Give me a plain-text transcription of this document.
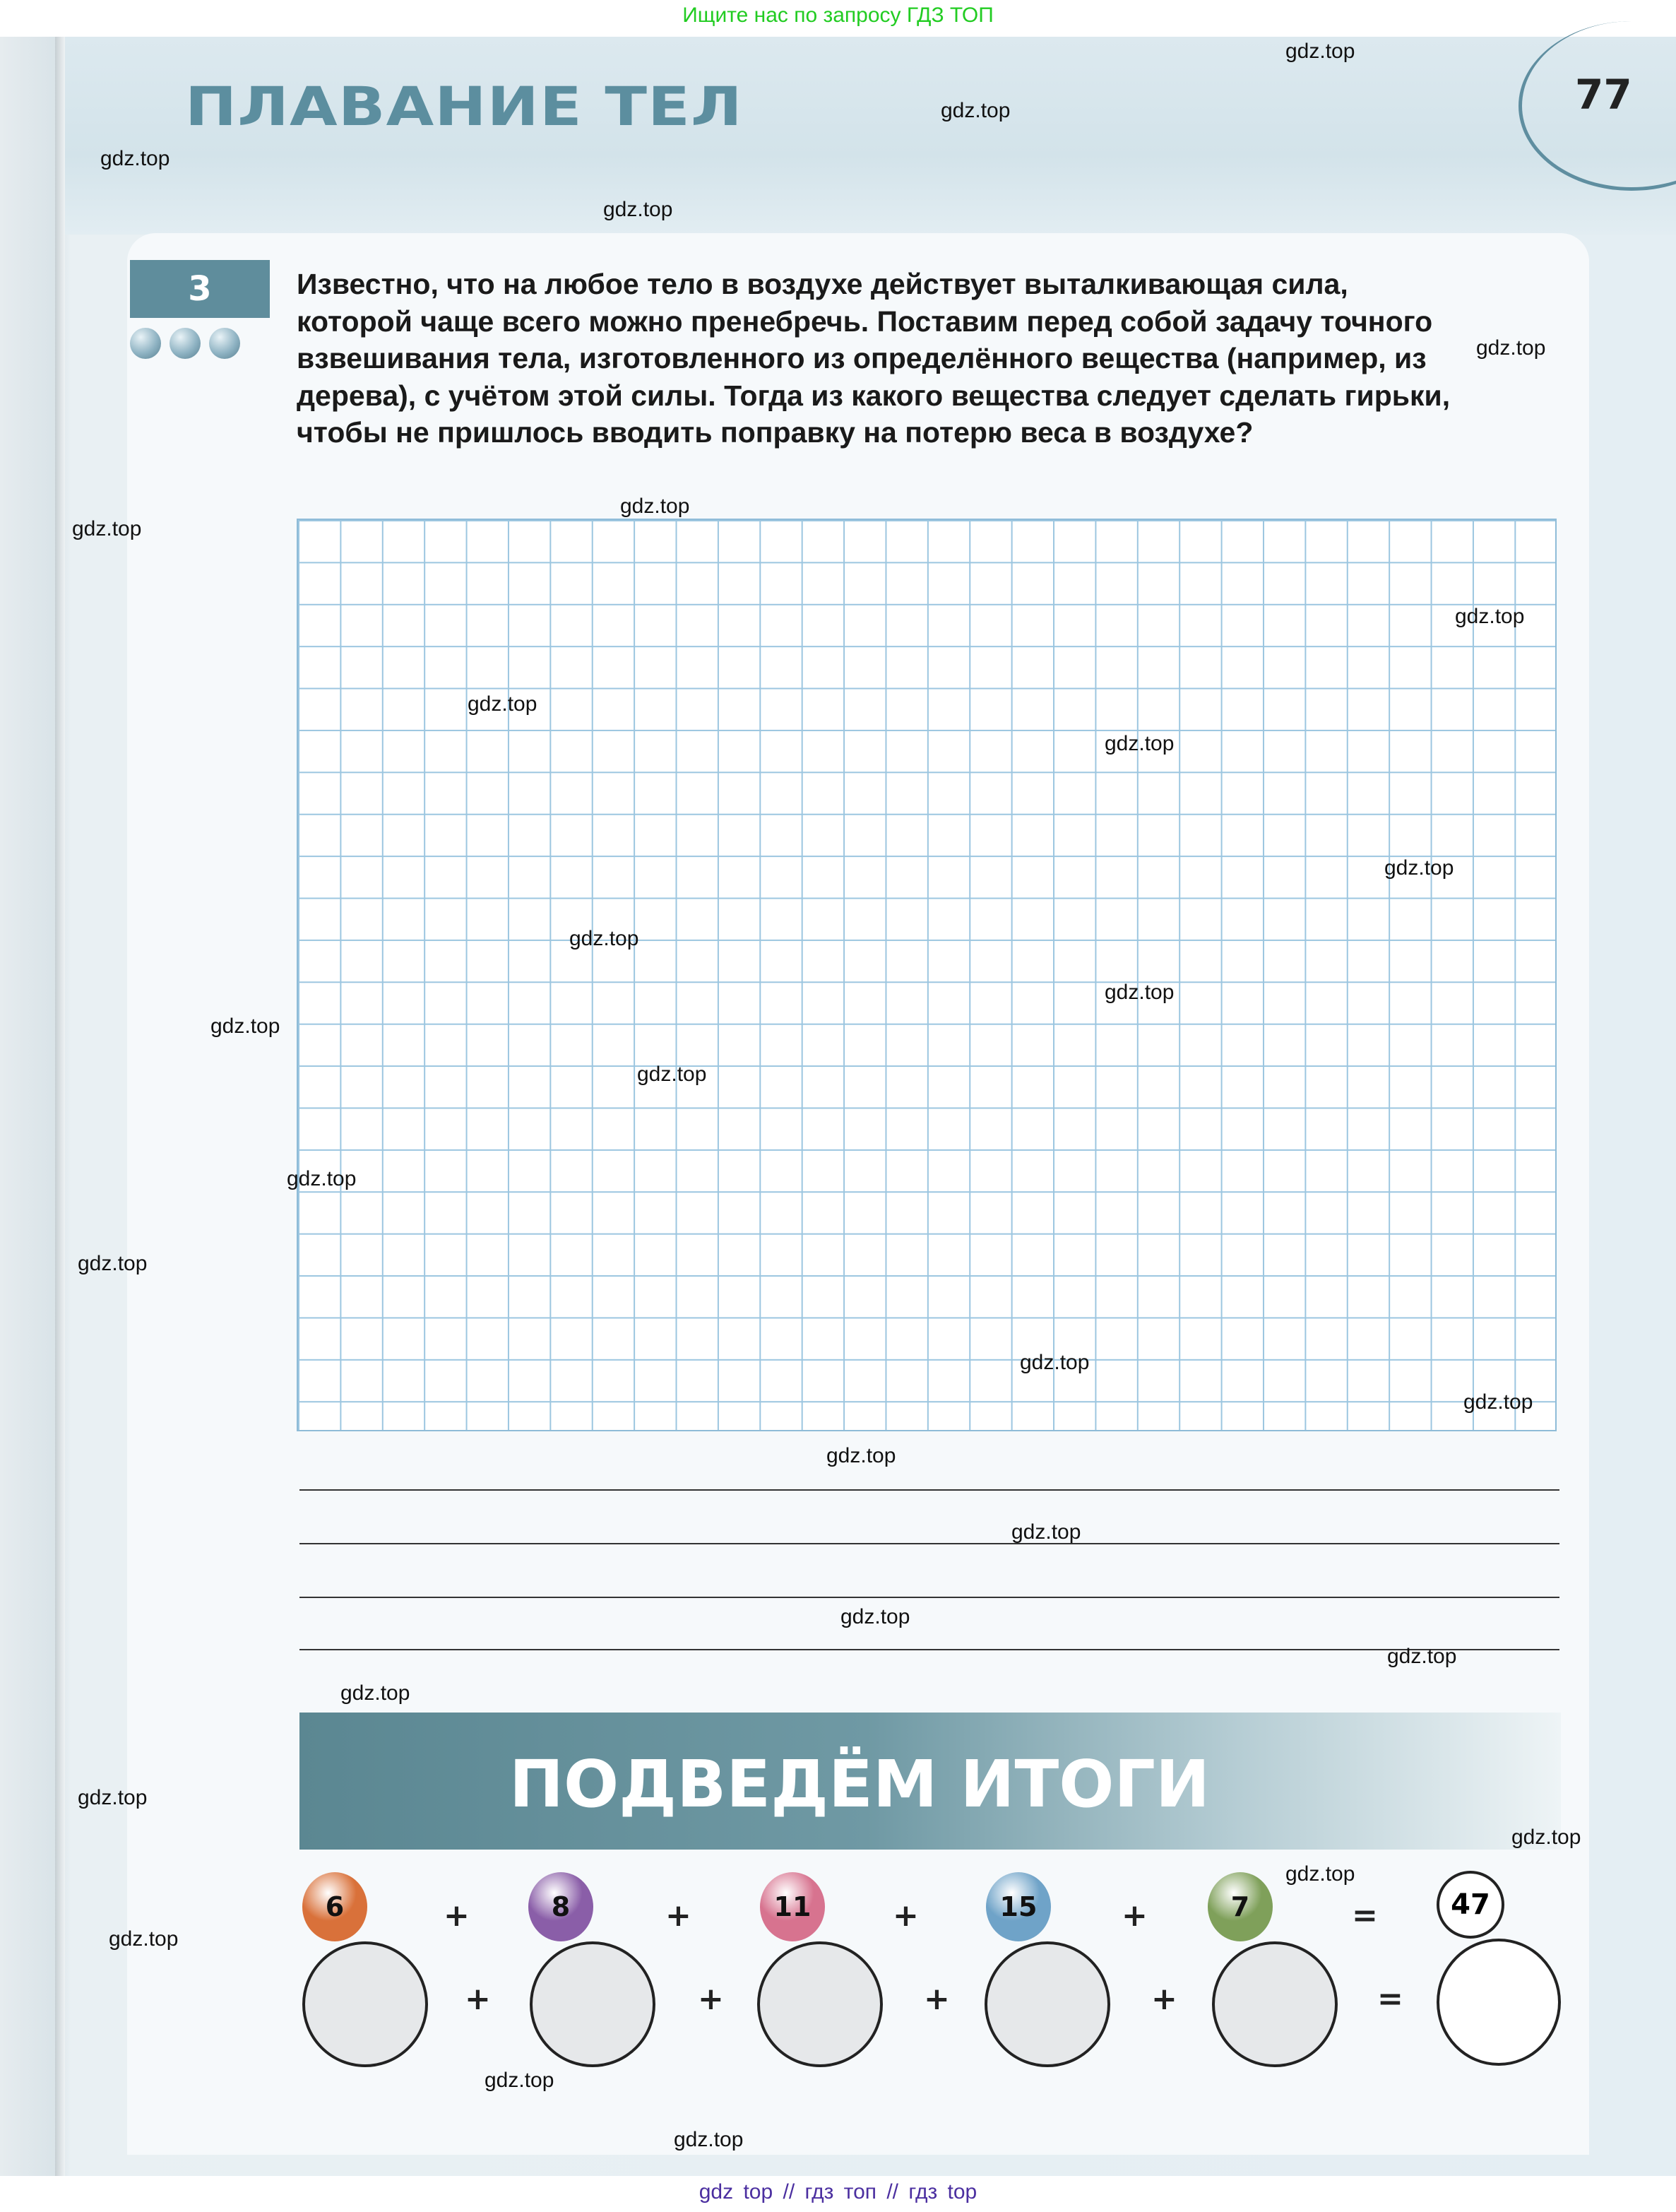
Ищите нас по запросу ГДЗ ТОП
ПЛАВАНИЕ ТЕЛ	77
3	Известно, что на любое тело в воздухе действует выталкивающая сила, которой чаще всего можно пренебречь. Поставим перед собой задачу точного взвешивания тела, изготовленного из определённого вещества (например, из дерева), с учётом этой силы. Тогда из какого вещества следует сделать гирьки, чтобы не пришлось вводить поправку на потерю веса в воздухе?
ПОДВЕДЁМ ИТОГИ
6	8	11	15	7
+	+	+	+
+	+	+	+
=
=
47
gdz.top
gdz.top
gdz.top
gdz.top
gdz.top
gdz.top
gdz.top
gdz.top
gdz.top
gdz.top
gdz.top
gdz.top
gdz.top
gdz.top
gdz.top
gdz.top
gdz.top
gdz.top
gdz.top
gdz.top
gdz.top
gdz.top
gdz.top
gdz.top
gdz.top
gdz.top
gdz.top
gdz.top
gdz.top
gdz.top
gdz top // гдз топ // гдз top
